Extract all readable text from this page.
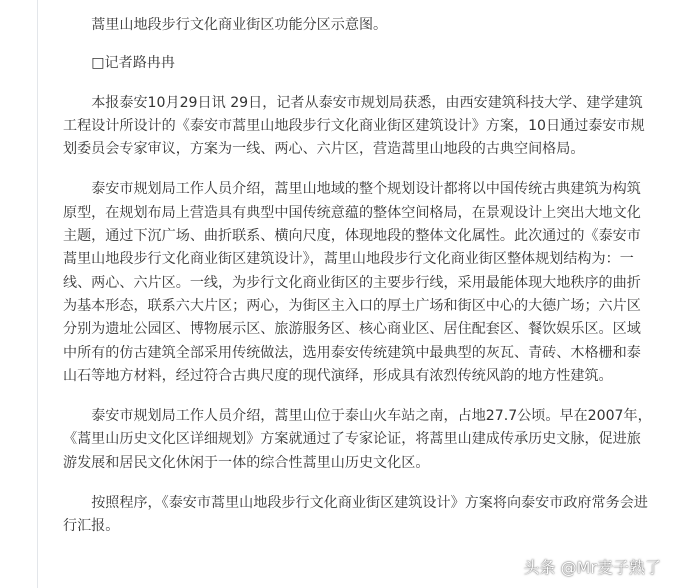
蒿里山地段步行文化商业街区功能分区示意图。

□记者路冉冉

本报泰安10月29日讯 29日，记者从泰安市规划局获悉，由西安建筑科技大学、建学建筑工程设计所设计的《泰安市蒿里山地段步行文化商业街区建筑设计》方案，10日通过泰安市规划委员会专家审议，方案为一线、两心、六片区，营造蒿里山地段的古典空间格局。

泰安市规划局工作人员介绍，蒿里山地域的整个规划设计都将以中国传统古典建筑为构筑原型，在规划布局上营造具有典型中国传统意蕴的整体空间格局，在景观设计上突出大地文化主题，通过下沉广场、曲折联系、横向尺度，体现地段的整体文化属性。此次通过的《泰安市蒿里山地段步行文化商业街区建筑设计》，蒿里山地段步行文化商业街区整体规划结构为：一线、两心、六片区。一线，为步行文化商业街区的主要步行线，采用最能体现大地秩序的曲折为基本形态，联系六大片区；两心，为街区主入口的厚土广场和街区中心的大德广场；六片区分别为遗址公园区、博物展示区、旅游服务区、核心商业区、居住配套区、餐饮娱乐区。区域中所有的仿古建筑全部采用传统做法，选用泰安传统建筑中最典型的灰瓦、青砖、木格栅和泰山石等地方材料，经过符合古典尺度的现代演绎，形成具有浓烈传统风韵的地方性建筑。

泰安市规划局工作人员介绍，蒿里山位于泰山火车站之南，占地27.7公顷。早在2007年，《蒿里山历史文化区详细规划》方案就通过了专家论证，将蒿里山建成传承历史文脉，促进旅游发展和居民文化休闲于一体的综合性蒿里山历史文化区。

按照程序，《泰安市蒿里山地段步行文化商业街区建筑设计》方案将向泰安市政府常务会进行汇报。

头条 @Mr麦子熟了
